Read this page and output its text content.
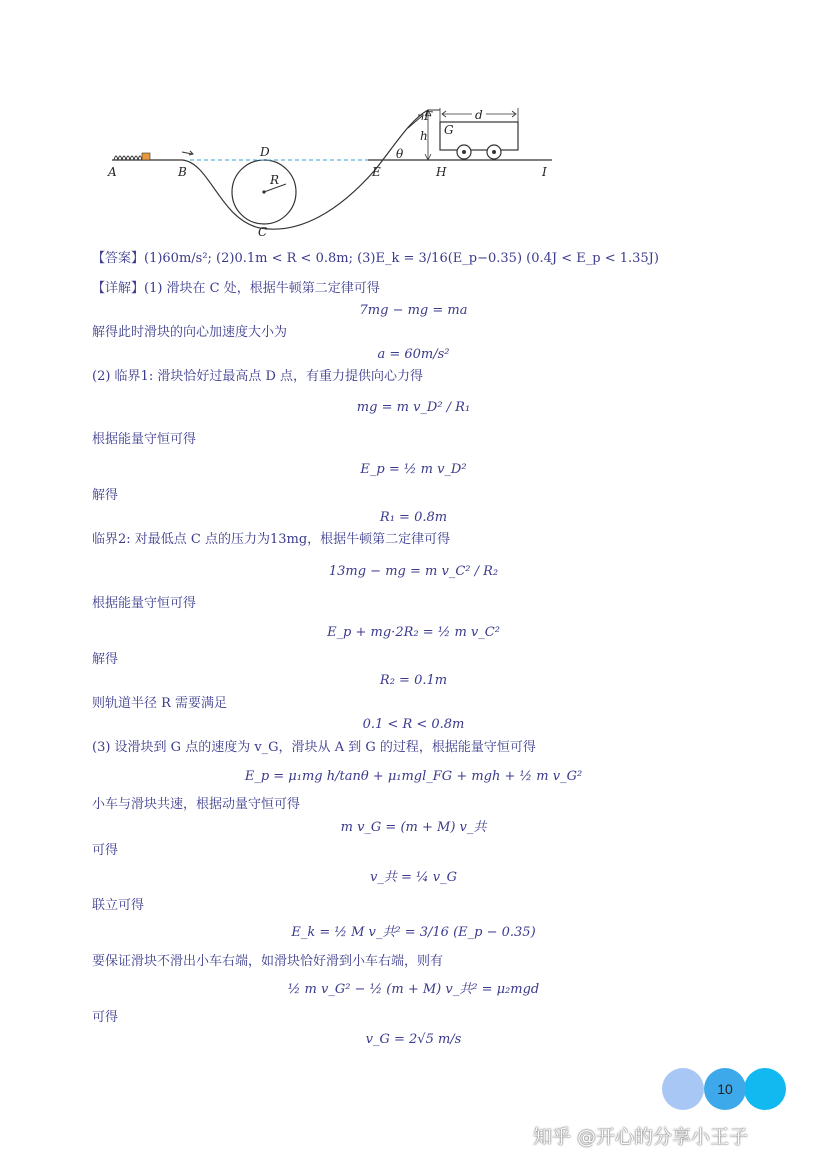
A	B
C
D
E
F
G
H	I
R
h
d
θ
【答案】(1)60m/s²; (2)0.1m < R < 0.8m; (3)E_k = 3/16(E_p−0.35) (0.4J < E_p < 1.35J)
【详解】(1) 滑块在 C 处，根据牛顿第二定律可得
7mg − mg = ma
解得此时滑块的向心加速度大小为
a = 60m/s²
(2) 临界1: 滑块恰好过最高点 D 点，有重力提供向心力得
mg = m v_D² / R₁
根据能量守恒可得
E_p = ½ m v_D²
解得
R₁ = 0.8m
临界2: 对最低点 C 点的压力为13mg，根据牛顿第二定律可得
13mg − mg = m v_C² / R₂
根据能量守恒可得
E_p + mg·2R₂ = ½ m v_C²
解得
R₂ = 0.1m
则轨道半径 R 需要满足
0.1 < R < 0.8m
(3) 设滑块到 G 点的速度为 v_G，滑块从 A 到 G 的过程，根据能量守恒可得
E_p = μ₁mg h/tanθ + μ₁mgl_FG + mgh + ½ m v_G²
小车与滑块共速，根据动量守恒可得
m v_G = (m + M) v_共
可得
v_共 = ¼ v_G
联立可得
E_k = ½ M v_共² = 3/16 (E_p − 0.35)
要保证滑块不滑出小车右端，如滑块恰好滑到小车右端，则有
½ m v_G² − ½ (m + M) v_共² = μ₂mgd
可得
v_G = 2√5 m/s
10
知乎 @开心的分享小王子
